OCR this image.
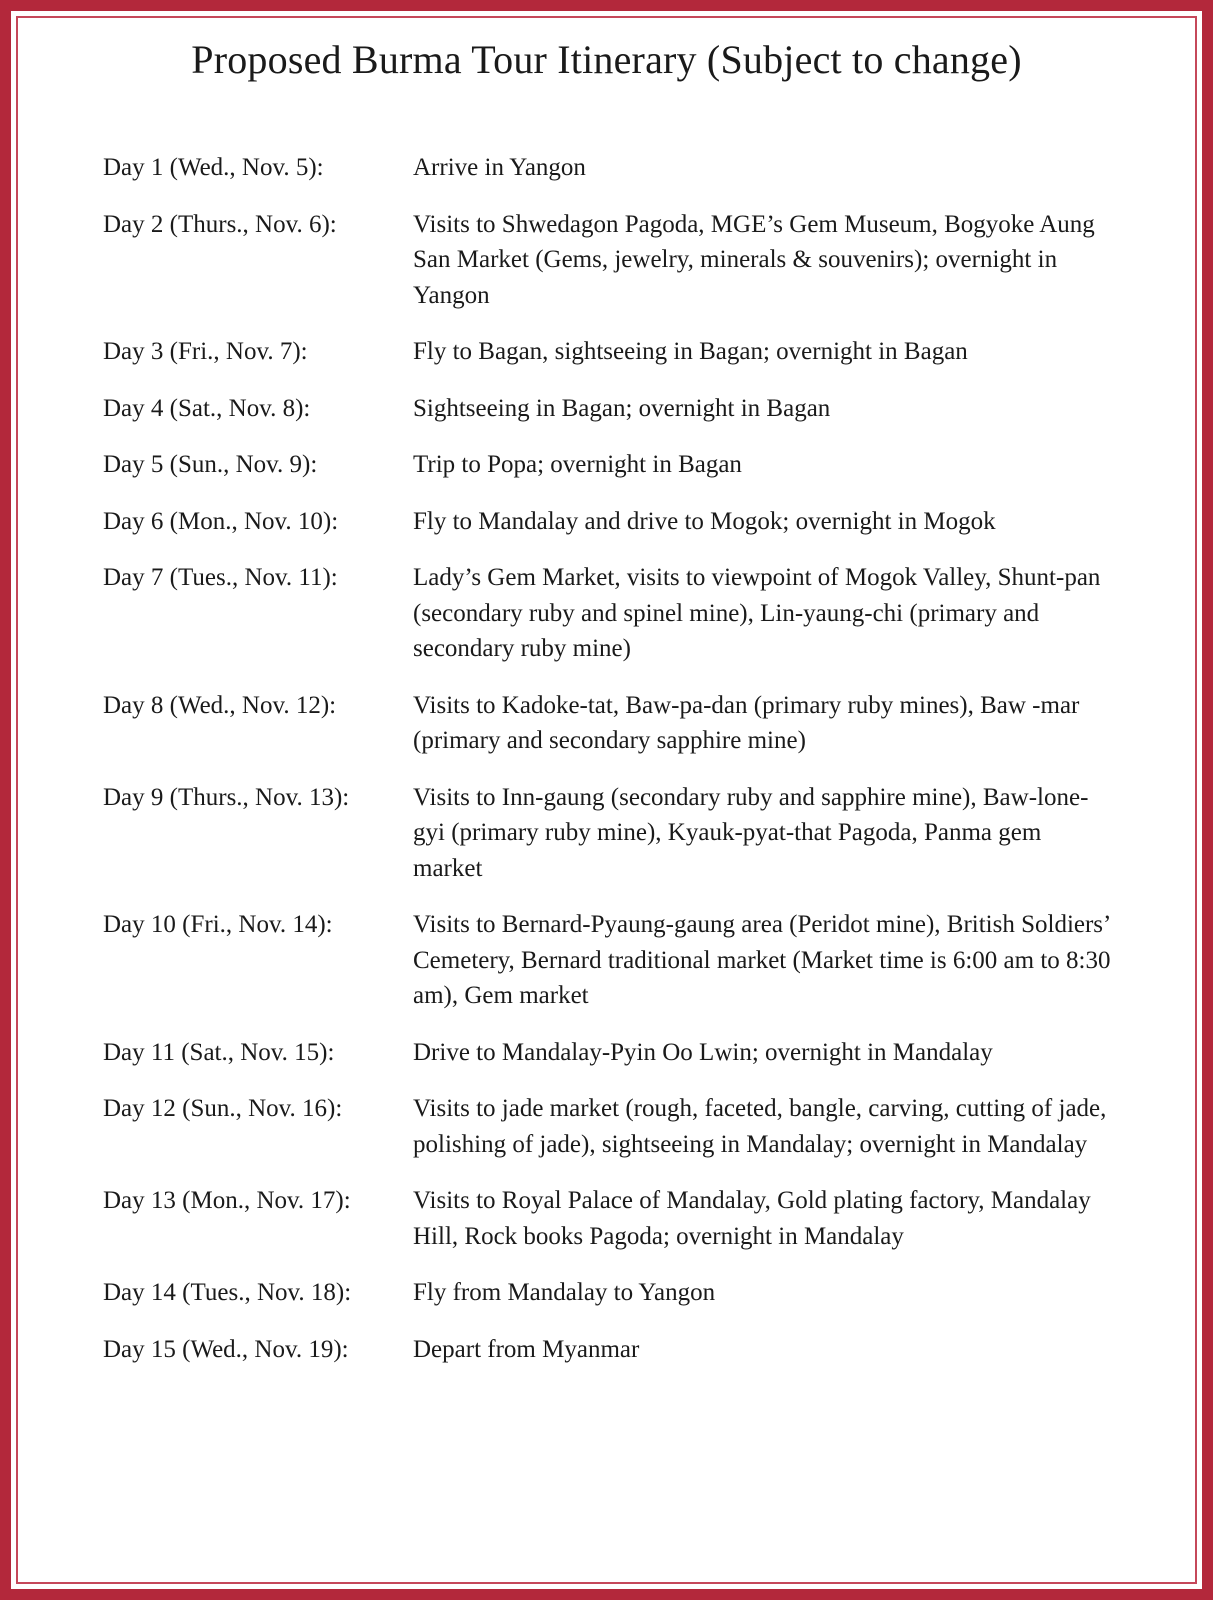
Proposed Burma Tour Itinerary (Subject to change)
Day 1 (Wed., Nov. 5):	Arrive in Yangon
Day 2 (Thurs., Nov. 6):	Visits to Shwedagon Pagoda, MGE’s Gem Museum, Bogyoke Aung San Market (Gems, jewelry, minerals & souvenirs); overnight in Yangon
Day 3 (Fri., Nov. 7):	Fly to Bagan, sightseeing in Bagan; overnight in Bagan
Day 4 (Sat., Nov. 8):	Sightseeing in Bagan; overnight in Bagan
Day 5 (Sun., Nov. 9):	Trip to Popa; overnight in Bagan
Day 6 (Mon., Nov. 10):	Fly to Mandalay and drive to Mogok; overnight in Mogok
Day 7 (Tues., Nov. 11):	Lady’s Gem Market, visits to viewpoint of Mogok Valley, Shunt-pan (secondary ruby and spinel mine), Lin-yaung-chi (primary and secondary ruby mine)
Day 8 (Wed., Nov. 12):	Visits to Kadoke-tat, Baw-pa-dan (primary ruby mines), Baw -mar (primary and secondary sapphire mine)
Day 9 (Thurs., Nov. 13):	Visits to Inn-gaung (secondary ruby and sapphire mine), Baw-lone-gyi (primary ruby mine), Kyauk-pyat-that Pagoda, Panma gem market
Day 10 (Fri., Nov. 14):	Visits to Bernard-Pyaung-gaung area (Peridot mine), British Soldiers’ Cemetery, Bernard traditional market (Market time is 6:00 am to 8:30 am), Gem market
Day 11 (Sat., Nov. 15):	Drive to Mandalay-Pyin Oo Lwin; overnight in Mandalay
Day 12 (Sun., Nov. 16):	Visits to jade market (rough, faceted, bangle, carving, cutting of jade, polishing of jade), sightseeing in Mandalay; overnight in Mandalay
Day 13 (Mon., Nov. 17):	Visits to Royal Palace of Mandalay, Gold plating factory, Mandalay Hill, Rock books Pagoda; overnight in Mandalay
Day 14 (Tues., Nov. 18):	Fly from Mandalay to Yangon
Day 15 (Wed., Nov. 19):	Depart from Myanmar
